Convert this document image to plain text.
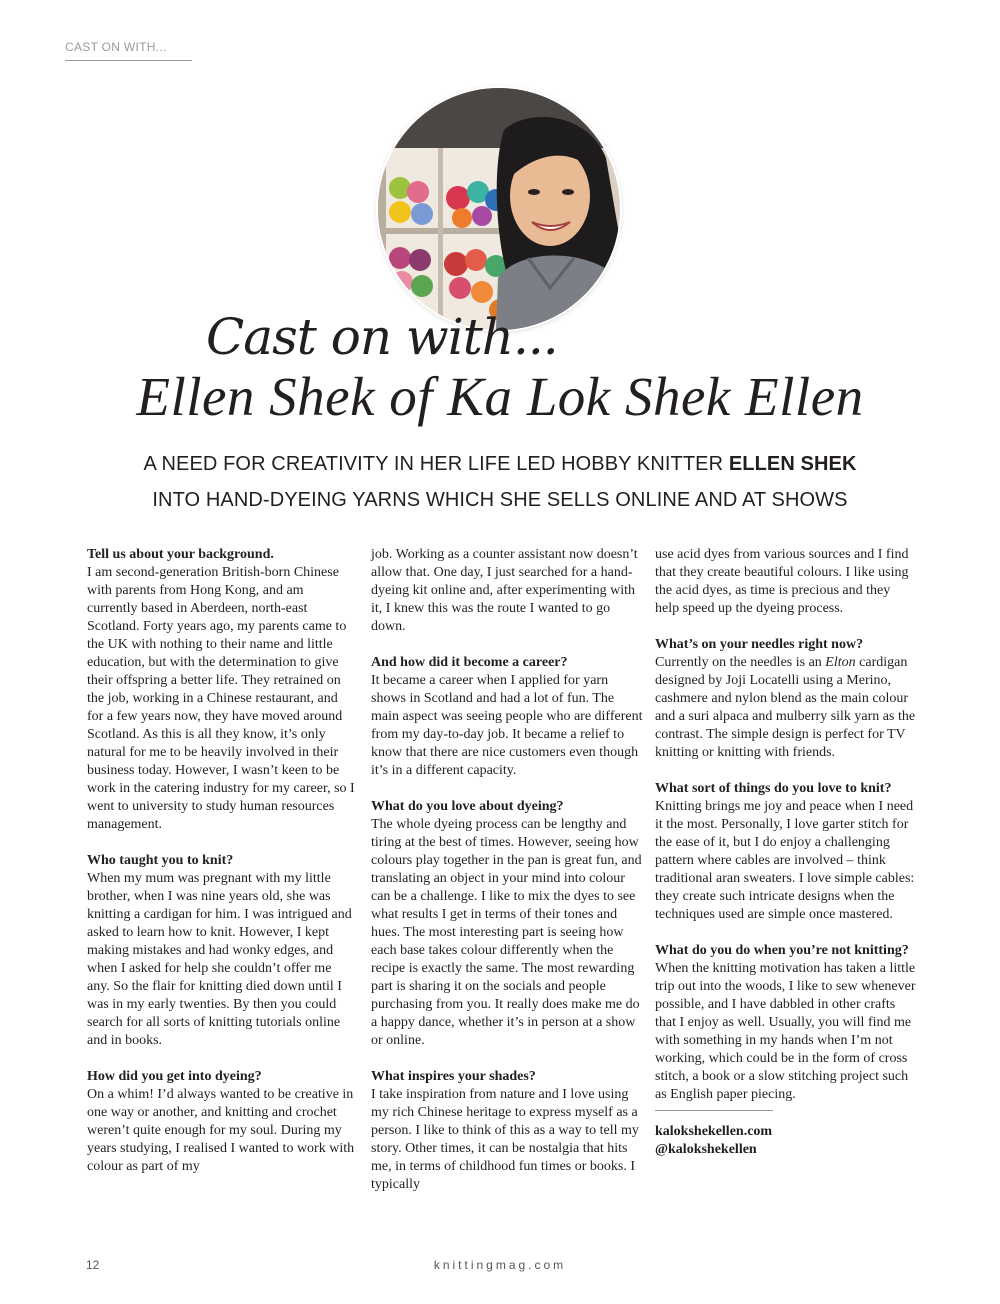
CAST ON WITH...
Cast on with...
Ellen Shek of Ka Lok Shek Ellen
A NEED FOR CREATIVITY IN HER LIFE LED HOBBY KNITTER ELLEN SHEK
INTO HAND-DYEING YARNS WHICH SHE SELLS ONLINE AND AT SHOWS
Tell us about your background.

I am second-generation British-born Chinese with parents from Hong Kong, and am currently based in Aberdeen, north-east Scotland. Forty years ago, my parents came to the UK with nothing to their name and little education, but with the determination to give their offspring a better life. They retrained on the job, working in a Chinese restaurant, and for a few years now, they have moved around Scotland. As this is all they know, it’s only natural for me to be heavily involved in their business today. However, I wasn’t keen to be work in the catering industry for my career, so I went to university to study human resources management.

Who taught you to knit?

When my mum was pregnant with my little brother, when I was nine years old, she was knitting a cardigan for him. I was intrigued and asked to learn how to knit. However, I kept making mistakes and had wonky edges, and when I asked for help she couldn’t offer me any. So the flair for knitting died down until I was in my early twenties. By then you could search for all sorts of knitting tutorials online and in books.

How did you get into dyeing?

On a whim! I’d always wanted to be creative in one way or another, and knitting and crochet weren’t quite enough for my soul. During my years studying, I realised I wanted to work with colour as part of my

job. Working as a counter assistant now doesn’t allow that. One day, I just searched for a hand-dyeing kit online and, after experimenting with it, I knew this was the route I wanted to go down.

And how did it become a career?

It became a career when I applied for yarn shows in Scotland and had a lot of fun. The main aspect was seeing people who are different from my day-to-day job. It became a relief to know that there are nice customers even though it’s in a different capacity.

What do you love about dyeing?

The whole dyeing process can be lengthy and tiring at the best of times. However, seeing how colours play together in the pan is great fun, and translating an object in your mind into colour can be a challenge. I like to mix the dyes to see what results I get in terms of their tones and hues. The most interesting part is seeing how each base takes colour differently when the recipe is exactly the same. The most rewarding part is sharing it on the socials and people purchasing from you. It really does make me do a happy dance, whether it’s in person at a show or online.

What inspires your shades?

I take inspiration from nature and I love using my rich Chinese heritage to express myself as a person. I like to think of this as a way to tell my story. Other times, it can be nostalgia that hits me, in terms of childhood fun times or books. I typically

use acid dyes from various sources and I find that they create beautiful colours. I like using the acid dyes, as time is precious and they help speed up the dyeing process.

What’s on your needles right now?

Currently on the needles is an Elton cardigan designed by Joji Locatelli using a Merino, cashmere and nylon blend as the main colour and a suri alpaca and mulberry silk yarn as the contrast. The simple design is perfect for TV knitting or knitting with friends.

What sort of things do you love to knit?

Knitting brings me joy and peace when I need it the most. Personally, I love garter stitch for the ease of it, but I do enjoy a challenging pattern where cables are involved – think traditional aran sweaters. I love simple cables: they create such intricate designs when the techniques used are simple once mastered.

What do you do when you’re not knitting?

When the knitting motivation has taken a little trip out into the woods, I like to sew whenever possible, and I have dabbled in other crafts that I enjoy as well. Usually, you will find me with something in my hands when I’m not working, which could be in the form of cross stitch, a book or a slow stitching project such as English paper piecing.

kalokshekellen.com
@kalokshekellen
12	knittingmag.com
